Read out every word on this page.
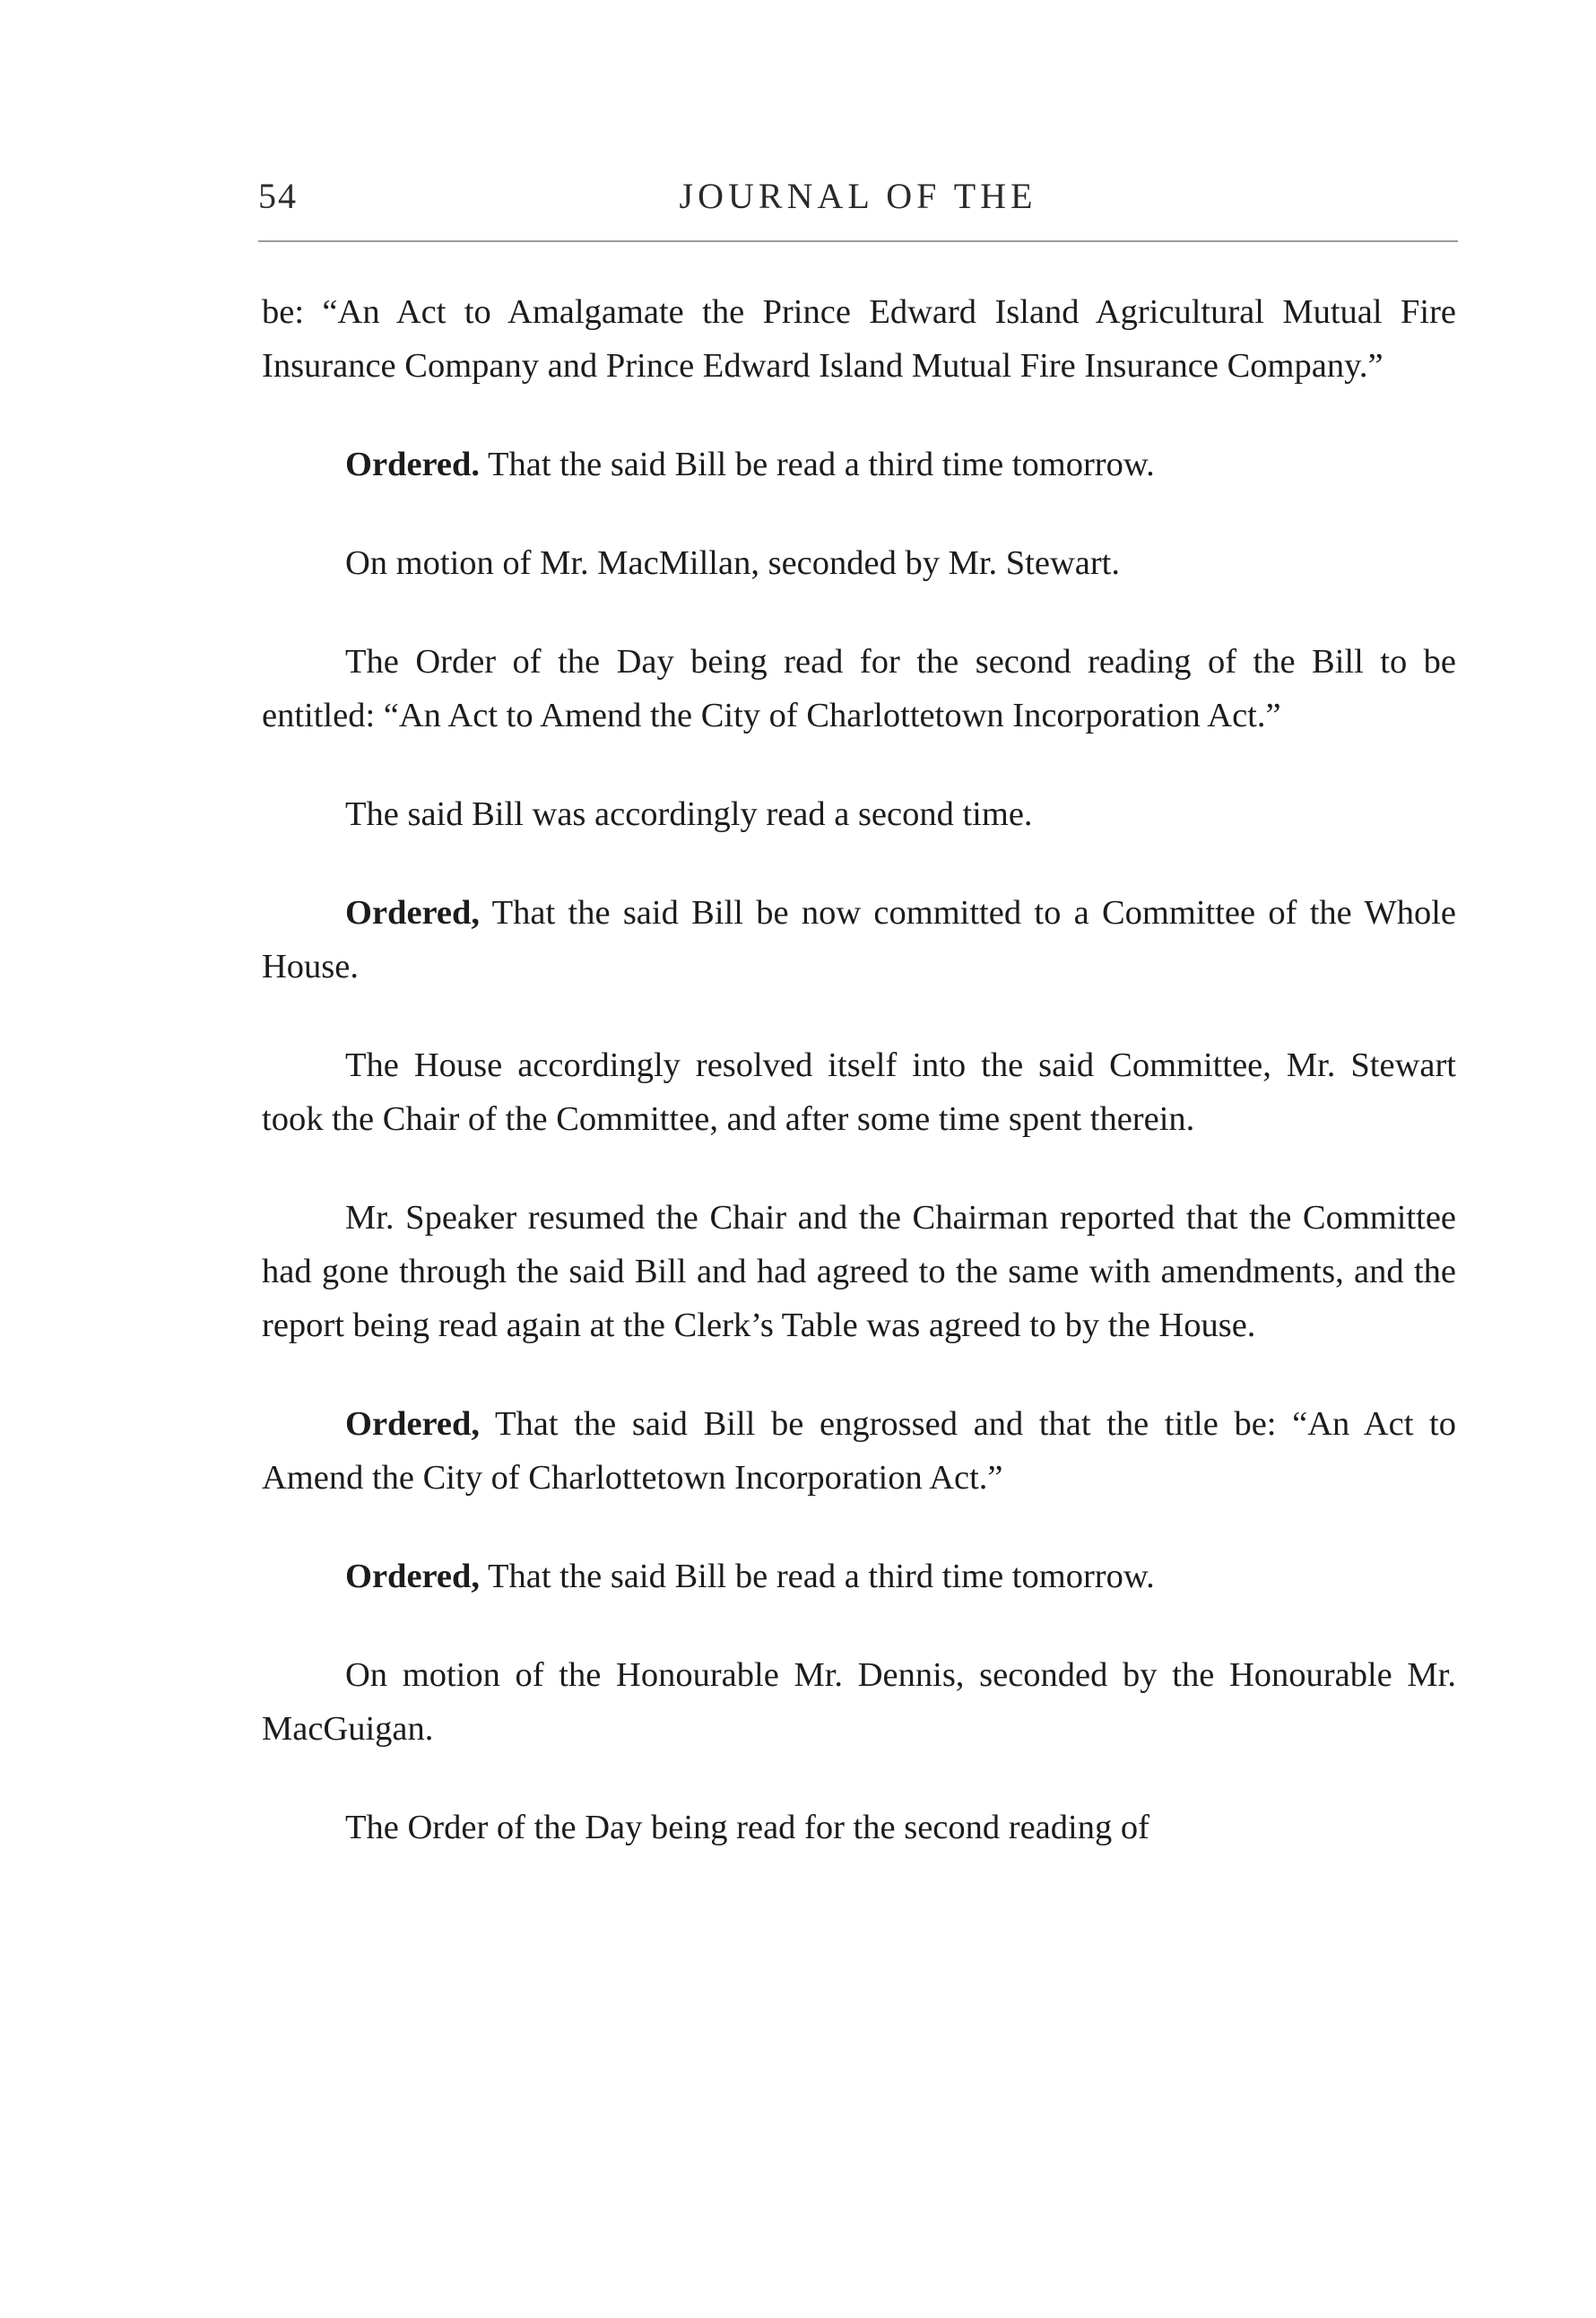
54	JOURNAL OF THE

be: “An Act to Amalgamate the Prince Edward Island Agricultural Mutual Fire Insurance Company and Prince Edward Island Mutual Fire Insurance Company.”

Ordered. That the said Bill be read a third time tomorrow.

On motion of Mr. MacMillan, seconded by Mr. Stewart.

The Order of the Day being read for the second reading of the Bill to be entitled: “An Act to Amend the City of Charlottetown Incorporation Act.”

The said Bill was accordingly read a second time.

Ordered, That the said Bill be now committed to a Committee of the Whole House.

The House accordingly resolved itself into the said Committee, Mr. Stewart took the Chair of the Committee, and after some time spent therein.

Mr. Speaker resumed the Chair and the Chairman reported that the Committee had gone through the said Bill and had agreed to the same with amendments, and the report being read again at the Clerk’s Table was agreed to by the House.

Ordered, That the said Bill be engrossed and that the title be: “An Act to Amend the City of Charlottetown Incorporation Act.”

Ordered, That the said Bill be read a third time tomorrow.

On motion of the Honourable Mr. Dennis, seconded by the Honourable Mr. MacGuigan.

The Order of the Day being read for the second reading of
